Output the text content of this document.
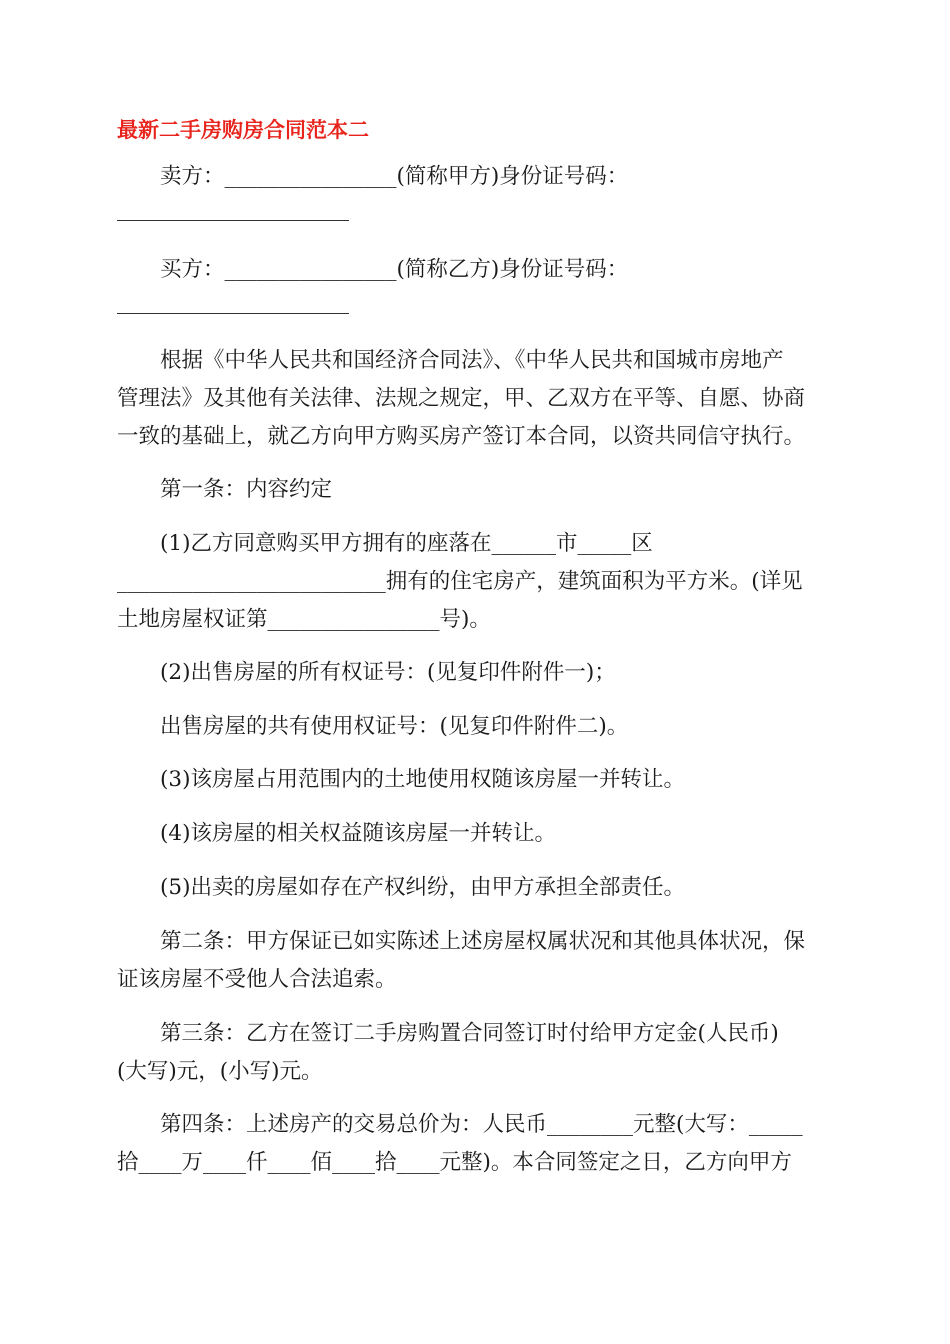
最新二手房购房合同范本二
卖方：________________(简称甲方)身份证号码：
买方：________________(简称乙方)身份证号码：
根据《中华人民共和国经济合同法》、《中华人民共和国城市房地产
管理法》及其他有关法律、法规之规定，甲、乙双方在平等、自愿、协商
一致的基础上，就乙方向甲方购买房产签订本合同，以资共同信守执行。
第一条：内容约定
(1)乙方同意购买甲方拥有的座落在______市_____区
_________________________拥有的住宅房产，建筑面积为平方米。(详见
土地房屋权证第________________号)。
(2)出售房屋的所有权证号：(见复印件附件一)；
出售房屋的共有使用权证号：(见复印件附件二)。
(3)该房屋占用范围内的土地使用权随该房屋一并转让。
(4)该房屋的相关权益随该房屋一并转让。
(5)出卖的房屋如存在产权纠纷，由甲方承担全部责任。
第二条：甲方保证已如实陈述上述房屋权属状况和其他具体状况，保
证该房屋不受他人合法追索。
第三条：乙方在签订二手房购置合同签订时付给甲方定金(人民币)
(大写)元，(小写)元。
第四条：上述房产的交易总价为：人民币________元整(大写：_____
拾____万____仟____佰____拾____元整)。本合同签定之日，乙方向甲方
